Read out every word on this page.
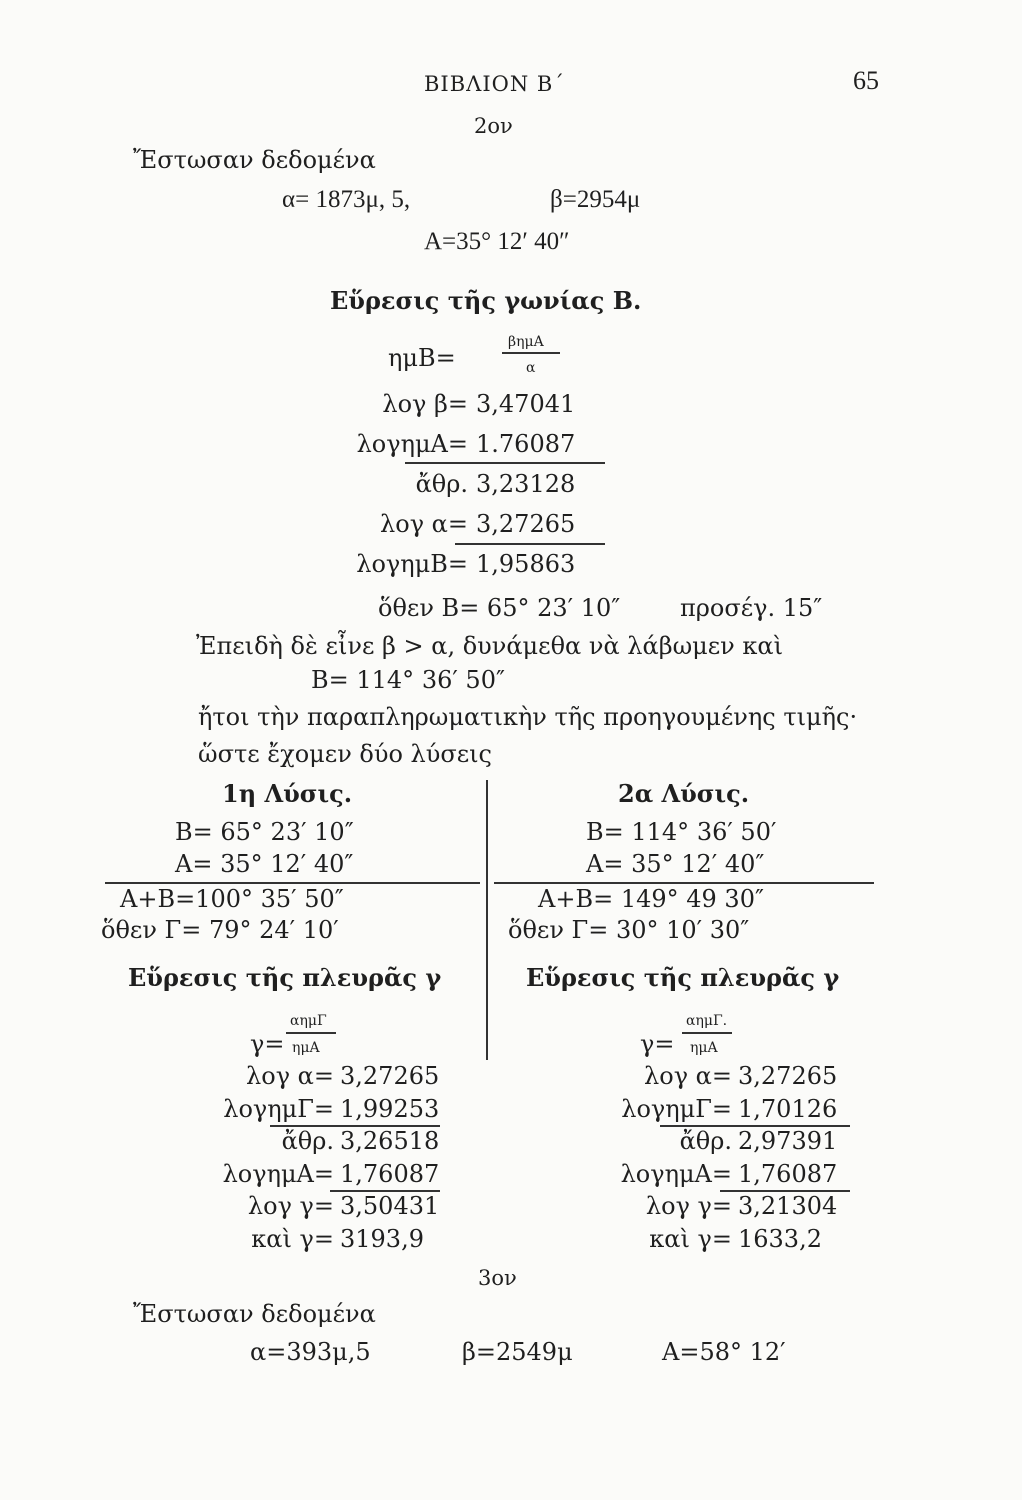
ΒΙΒΛΙΟΝ Β΄	65
2ον
Ἔστωσαν δεδομένα
α= 1873μ, 5,	β=2954μ
Α=35° 12′ 40″
Εὕρεσις τῆς γωνίας Β.
ημΒ=
βημΑ
α
λογ β= 3,47041
λογημΑ= 1.76087
ἄθρ. 3,23128
λογ α= 3,27265
λογημΒ= 1,95863
ὅθεν Β= 65° 23′ 10″ προσέγ. 15″
Ἐπειδὴ δὲ εἶνε β > α, δυνάμεθα νὰ λάβωμεν καὶ
Β= 114° 36′ 50″
ἤτοι τὴν παραπληρωματικὴν τῆς προηγουμένης τιμῆς·
ὥστε ἔχομεν δύο λύσεις
1η Λύσις.
Β= 65° 23′ 10″
Α= 35° 12′ 40″
Α+Β=100° 35′ 50″
ὅθεν Γ= 79° 24′ 10′
Εὕρεσις τῆς πλευρᾶς γ
γ=
αημΓ
ημΑ
λογ α= 3,27265
λογημΓ= 1,99253
ἄθρ. 3,26518
λογημΑ= 1,76087
λογ γ= 3,50431
καὶ γ= 3193,9
2α Λύσις.
Β= 114° 36′ 50′
Α= 35° 12′ 40″
Α+Β= 149° 49 30″
ὅθεν Γ= 30° 10′ 30″
Εὕρεσις τῆς πλευρᾶς γ
γ=
αημΓ.
ημΑ
λογ α= 3,27265
λογημΓ= 1,70126
ἄθρ. 2,97391
λογημΑ= 1,76087
λογ γ= 3,21304
καὶ γ= 1633,2
3ον
Ἔστωσαν δεδομένα
α=393μ,5	β=2549μ	Α=58° 12′
